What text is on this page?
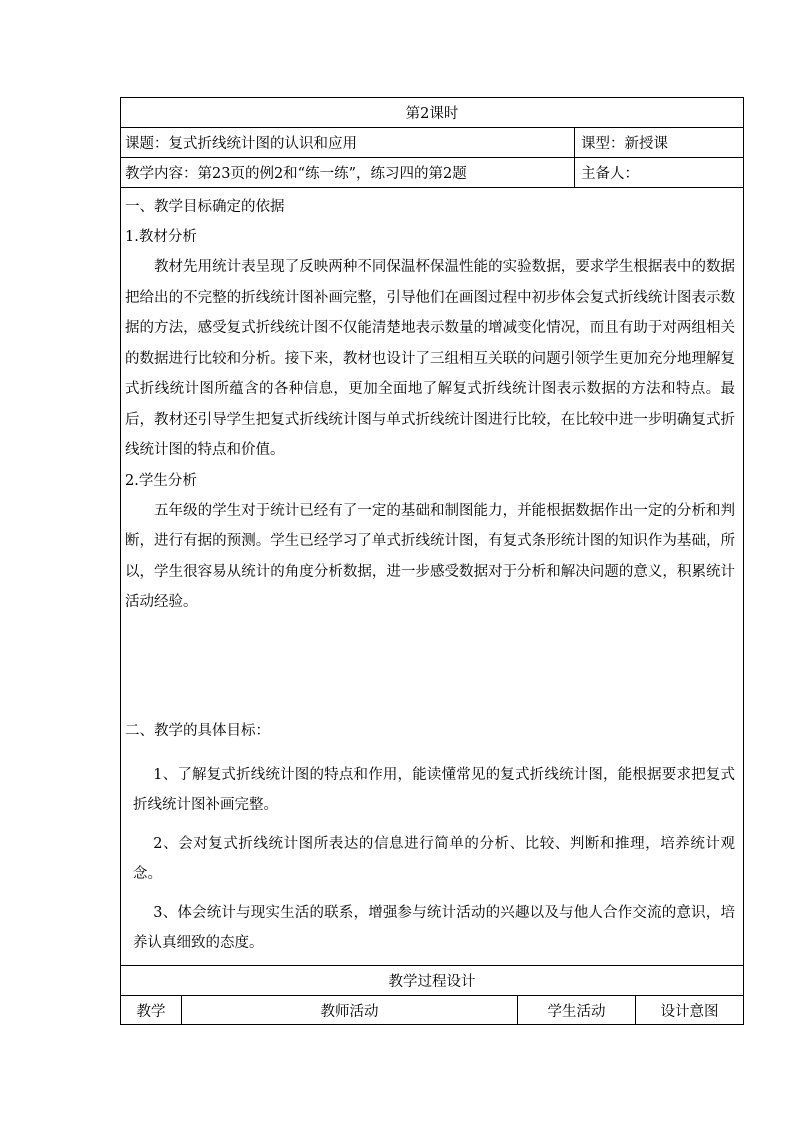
第2课时
课题：复式折线统计图的认识和应用	课型：新授课
教学内容：第23页的例2和“练一练”，练习四的第2题	主备人：

一、教学目标确定的依据

1.教材分析

教材先用统计表呈现了反映两种不同保温杯保温性能的实验数据，要求学生根据表中的数据把给出的不完整的折线统计图补画完整，引导他们在画图过程中初步体会复式折线统计图表示数据的方法，感受复式折线统计图不仅能清楚地表示数量的增减变化情况，而且有助于对两组相关的数据进行比较和分析。接下来，教材也设计了三组相互关联的问题引领学生更加充分地理解复式折线统计图所蕴含的各种信息，更加全面地了解复式折线统计图表示数据的方法和特点。最后，教材还引导学生把复式折线统计图与单式折线统计图进行比较，在比较中进一步明确复式折线统计图的特点和价值。

2.学生分析

五年级的学生对于统计已经有了一定的基础和制图能力，并能根据数据作出一定的分析和判断，进行有据的预测。学生已经学习了单式折线统计图，有复式条形统计图的知识作为基础，所以，学生很容易从统计的角度分析数据，进一步感受数据对于分析和解决问题的意义，积累统计活动经验。

二、教学的具体目标：

1、了解复式折线统计图的特点和作用，能读懂常见的复式折线统计图，能根据要求把复式折线统计图补画完整。

2、会对复式折线统计图所表达的信息进行简单的分析、比较、判断和推理，培养统计观念。

3、体会统计与现实生活的联系，增强参与统计活动的兴趣以及与他人合作交流的意识，培养认真细致的态度。

教学过程设计
教学	教师活动	学生活动	设计意图
